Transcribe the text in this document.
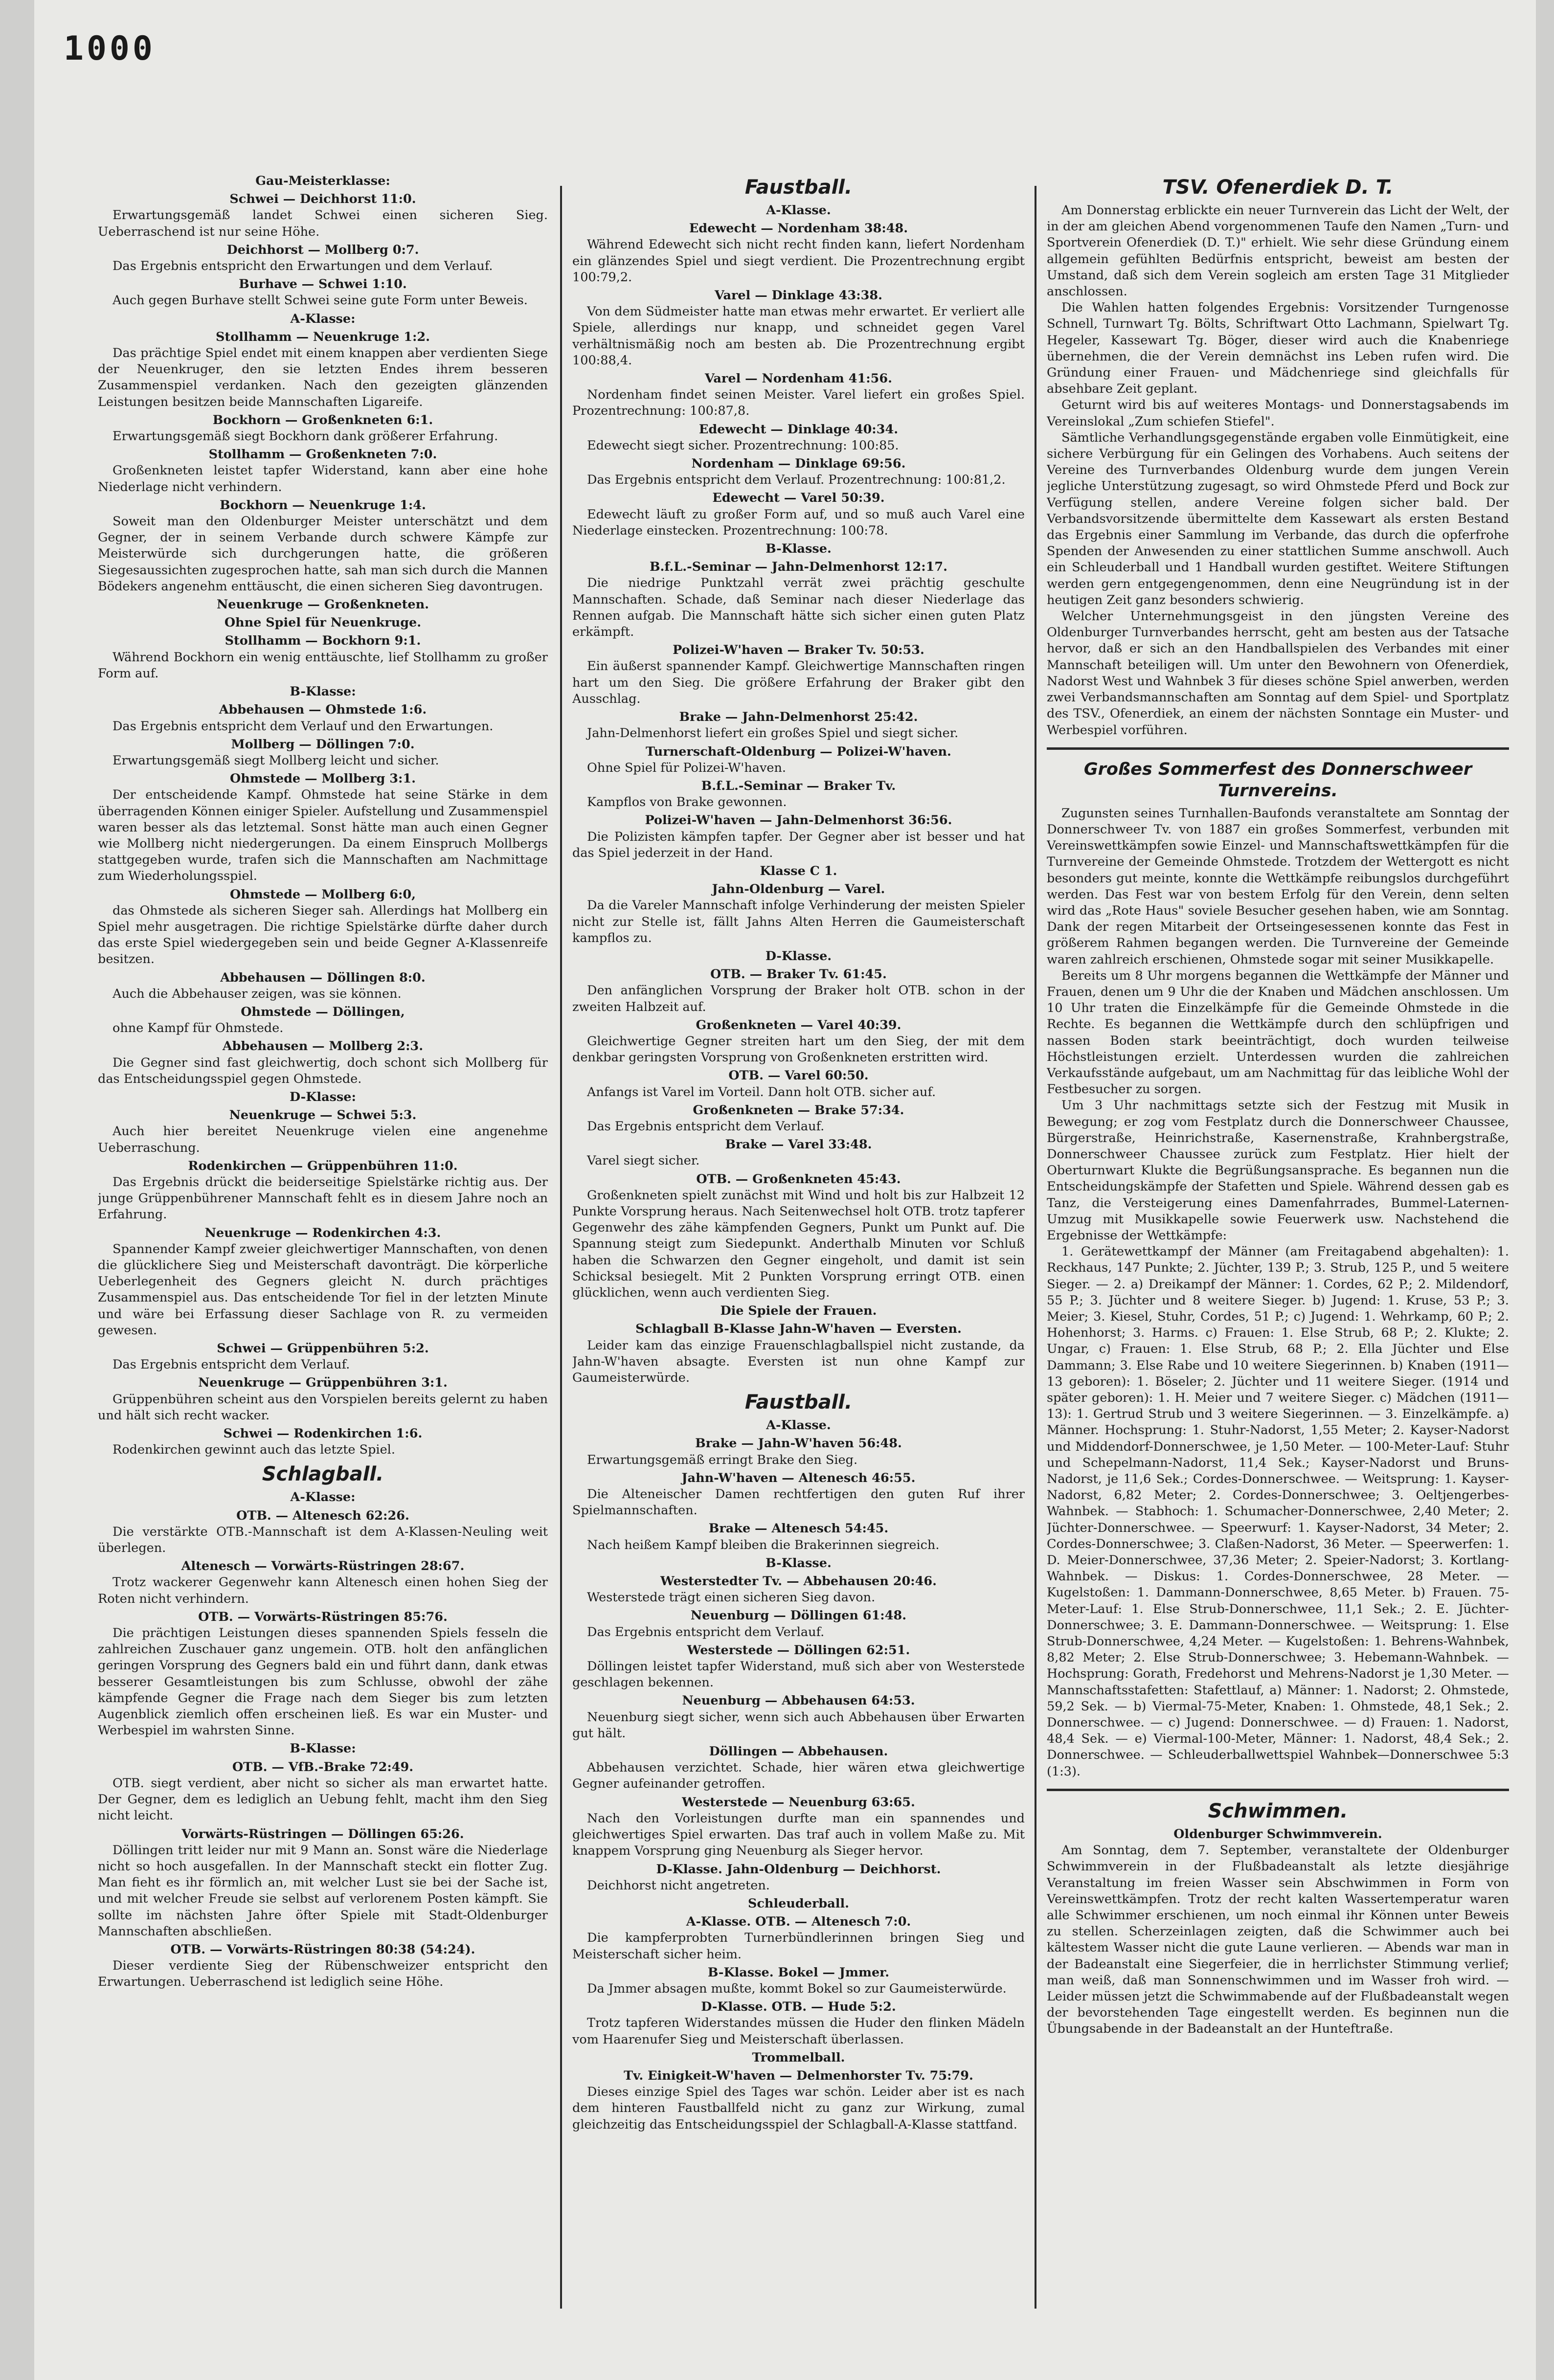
1000

Gau-Meisterklasse:

Schwei — Deichhorst 11:0.

Erwartungsgemäß landet Schwei einen sicheren Sieg. Ueberraschend ist nur seine Höhe.

Deichhorst — Mollberg 0:7.

Das Ergebnis entspricht den Erwartungen und dem Verlauf.

Burhave — Schwei 1:10.

Auch gegen Burhave stellt Schwei seine gute Form unter Beweis.

A-Klasse:

Stollhamm — Neuenkruge 1:2.

Das prächtige Spiel endet mit einem knappen aber verdienten Siege der Neuenkruger, den sie letzten Endes ihrem besseren Zusammenspiel verdanken. Nach den gezeigten glänzenden Leistungen besitzen beide Mannschaften Ligareife.

Bockhorn — Großenkneten 6:1.

Erwartungsgemäß siegt Bockhorn dank größerer Erfahrung.

Stollhamm — Großenkneten 7:0.

Großenkneten leistet tapfer Widerstand, kann aber eine hohe Niederlage nicht verhindern.

Bockhorn — Neuenkruge 1:4.

Soweit man den Oldenburger Meister unterschätzt und dem Gegner, der in seinem Verbande durch schwere Kämpfe zur Meisterwürde sich durchgerungen hatte, die größeren Siegesaussichten zugesprochen hatte, sah man sich durch die Mannen Bödekers angenehm enttäuscht, die einen sicheren Sieg davontrugen.

Neuenkruge — Großenkneten.

Ohne Spiel für Neuenkruge.

Stollhamm — Bockhorn 9:1.

Während Bockhorn ein wenig enttäuschte, lief Stollhamm zu großer Form auf.

B-Klasse:

Abbehausen — Ohmstede 1:6.

Das Ergebnis entspricht dem Verlauf und den Erwartungen.

Mollberg — Döllingen 7:0.

Erwartungsgemäß siegt Mollberg leicht und sicher.

Ohmstede — Mollberg 3:1.

Der entscheidende Kampf. Ohmstede hat seine Stärke in dem überragenden Können einiger Spieler. Aufstellung und Zusammenspiel waren besser als das letztemal. Sonst hätte man auch einen Gegner wie Mollberg nicht niedergerungen. Da einem Einspruch Mollbergs stattgegeben wurde, trafen sich die Mannschaften am Nachmittage zum Wiederholungsspiel.

Ohmstede — Mollberg 6:0,

das Ohmstede als sicheren Sieger sah. Allerdings hat Mollberg ein Spiel mehr ausgetragen. Die richtige Spielstärke dürfte daher durch das erste Spiel wiedergegeben sein und beide Gegner A-Klassenreife besitzen.

Abbehausen — Döllingen 8:0.

Auch die Abbehauser zeigen, was sie können.

Ohmstede — Döllingen,

ohne Kampf für Ohmstede.

Abbehausen — Mollberg 2:3.

Die Gegner sind fast gleichwertig, doch schont sich Mollberg für das Entscheidungsspiel gegen Ohmstede.

D-Klasse:

Neuenkruge — Schwei 5:3.

Auch hier bereitet Neuenkruge vielen eine angenehme Ueberraschung.

Rodenkirchen — Grüppenbühren 11:0.

Das Ergebnis drückt die beiderseitige Spielstärke richtig aus. Der junge Grüppenbührener Mannschaft fehlt es in diesem Jahre noch an Erfahrung.

Neuenkruge — Rodenkirchen 4:3.

Spannender Kampf zweier gleichwertiger Mannschaften, von denen die glücklichere Sieg und Meisterschaft davonträgt. Die körperliche Ueberlegenheit des Gegners gleicht N. durch prächtiges Zusammenspiel aus. Das entscheidende Tor fiel in der letzten Minute und wäre bei Erfassung dieser Sachlage von R. zu vermeiden gewesen.

Schwei — Grüppenbühren 5:2.

Das Ergebnis entspricht dem Verlauf.

Neuenkruge — Grüppenbühren 3:1.

Grüppenbühren scheint aus den Vorspielen bereits gelernt zu haben und hält sich recht wacker.

Schwei — Rodenkirchen 1:6.

Rodenkirchen gewinnt auch das letzte Spiel.

Schlagball.

A-Klasse:

OTB. — Altenesch 62:26.

Die verstärkte OTB.-Mannschaft ist dem A-Klassen-Neuling weit überlegen.

Altenesch — Vorwärts-Rüstringen 28:67.

Trotz wackerer Gegenwehr kann Altenesch einen hohen Sieg der Roten nicht verhindern.

OTB. — Vorwärts-Rüstringen 85:76.

Die prächtigen Leistungen dieses spannenden Spiels fesseln die zahlreichen Zuschauer ganz ungemein. OTB. holt den anfänglichen geringen Vorsprung des Gegners bald ein und führt dann, dank etwas besserer Gesamtleistungen bis zum Schlusse, obwohl der zähe kämpfende Gegner die Frage nach dem Sieger bis zum letzten Augenblick ziemlich offen erscheinen ließ. Es war ein Muster- und Werbespiel im wahrsten Sinne.

B-Klasse:

OTB. — VfB.-Brake 72:49.

OTB. siegt verdient, aber nicht so sicher als man erwartet hatte. Der Gegner, dem es lediglich an Uebung fehlt, macht ihm den Sieg nicht leicht.

Vorwärts-Rüstringen — Döllingen 65:26.

Döllingen tritt leider nur mit 9 Mann an. Sonst wäre die Niederlage nicht so hoch ausgefallen. In der Mannschaft steckt ein flotter Zug. Man fieht es ihr förmlich an, mit welcher Lust sie bei der Sache ist, und mit welcher Freude sie selbst auf verlorenem Posten kämpft. Sie sollte im nächsten Jahre öfter Spiele mit Stadt-Oldenburger Mannschaften abschließen.

OTB. — Vorwärts-Rüstringen 80:38 (54:24).

Dieser verdiente Sieg der Rübenschweizer entspricht den Erwartungen. Ueberraschend ist lediglich seine Höhe.

Faustball.

A-Klasse.

Edewecht — Nordenham 38:48.

Während Edewecht sich nicht recht finden kann, liefert Nordenham ein glänzendes Spiel und siegt verdient. Die Prozentrechnung ergibt 100:79,2.

Varel — Dinklage 43:38.

Von dem Südmeister hatte man etwas mehr erwartet. Er verliert alle Spiele, allerdings nur knapp, und schneidet gegen Varel verhältnismäßig noch am besten ab. Die Prozentrechnung ergibt 100:88,4.

Varel — Nordenham 41:56.

Nordenham findet seinen Meister. Varel liefert ein großes Spiel. Prozentrechnung: 100:87,8.

Edewecht — Dinklage 40:34.

Edewecht siegt sicher. Prozentrechnung: 100:85.

Nordenham — Dinklage 69:56.

Das Ergebnis entspricht dem Verlauf. Prozentrechnung: 100:81,2.

Edewecht — Varel 50:39.

Edewecht läuft zu großer Form auf, und so muß auch Varel eine Niederlage einstecken. Prozentrechnung: 100:78.

B-Klasse.

B.f.L.-Seminar — Jahn-Delmenhorst 12:17.

Die niedrige Punktzahl verrät zwei prächtig geschulte Mannschaften. Schade, daß Seminar nach dieser Niederlage das Rennen aufgab. Die Mannschaft hätte sich sicher einen guten Platz erkämpft.

Polizei-W'haven — Braker Tv. 50:53.

Ein äußerst spannender Kampf. Gleichwertige Mannschaften ringen hart um den Sieg. Die größere Erfahrung der Braker gibt den Ausschlag.

Brake — Jahn-Delmenhorst 25:42.

Jahn-Delmenhorst liefert ein großes Spiel und siegt sicher.

Turnerschaft-Oldenburg — Polizei-W'haven.

Ohne Spiel für Polizei-W'haven.

B.f.L.-Seminar — Braker Tv.

Kampflos von Brake gewonnen.

Polizei-W'haven — Jahn-Delmenhorst 36:56.

Die Polizisten kämpfen tapfer. Der Gegner aber ist besser und hat das Spiel jederzeit in der Hand.

Klasse C 1.

Jahn-Oldenburg — Varel.

Da die Vareler Mannschaft infolge Verhinderung der meisten Spieler nicht zur Stelle ist, fällt Jahns Alten Herren die Gaumeisterschaft kampflos zu.

D-Klasse.

OTB. — Braker Tv. 61:45.

Den anfänglichen Vorsprung der Braker holt OTB. schon in der zweiten Halbzeit auf.

Großenkneten — Varel 40:39.

Gleichwertige Gegner streiten hart um den Sieg, der mit dem denkbar geringsten Vorsprung von Großenkneten erstritten wird.

OTB. — Varel 60:50.

Anfangs ist Varel im Vorteil. Dann holt OTB. sicher auf.

Großenkneten — Brake 57:34.

Das Ergebnis entspricht dem Verlauf.

Brake — Varel 33:48.

Varel siegt sicher.

OTB. — Großenkneten 45:43.

Großenkneten spielt zunächst mit Wind und holt bis zur Halbzeit 12 Punkte Vorsprung heraus. Nach Seitenwechsel holt OTB. trotz tapferer Gegenwehr des zähe kämpfenden Gegners, Punkt um Punkt auf. Die Spannung steigt zum Siedepunkt. Anderthalb Minuten vor Schluß haben die Schwarzen den Gegner eingeholt, und damit ist sein Schicksal besiegelt. Mit 2 Punkten Vorsprung erringt OTB. einen glücklichen, wenn auch verdienten Sieg.

Die Spiele der Frauen.

Schlagball B-Klasse Jahn-W'haven — Eversten.

Leider kam das einzige Frauenschlagballspiel nicht zustande, da Jahn-W'haven absagte. Eversten ist nun ohne Kampf zur Gaumeisterwürde.

Faustball.

A-Klasse.

Brake — Jahn-W'haven 56:48.

Erwartungsgemäß erringt Brake den Sieg.

Jahn-W'haven — Altenesch 46:55.

Die Alteneischer Damen rechtfertigen den guten Ruf ihrer Spielmannschaften.

Brake — Altenesch 54:45.

Nach heißem Kampf bleiben die Brakerinnen siegreich.

B-Klasse.

Westerstedter Tv. — Abbehausen 20:46.

Westerstede trägt einen sicheren Sieg davon.

Neuenburg — Döllingen 61:48.

Das Ergebnis entspricht dem Verlauf.

Westerstede — Döllingen 62:51.

Döllingen leistet tapfer Widerstand, muß sich aber von Westerstede geschlagen bekennen.

Neuenburg — Abbehausen 64:53.

Neuenburg siegt sicher, wenn sich auch Abbehausen über Erwarten gut hält.

Döllingen — Abbehausen.

Abbehausen verzichtet. Schade, hier wären etwa gleichwertige Gegner aufeinander getroffen.

Westerstede — Neuenburg 63:65.

Nach den Vorleistungen durfte man ein spannendes und gleichwertiges Spiel erwarten. Das traf auch in vollem Maße zu. Mit knappem Vorsprung ging Neuenburg als Sieger hervor.

D-Klasse. Jahn-Oldenburg — Deichhorst.

Deichhorst nicht angetreten.

Schleuderball.

A-Klasse. OTB. — Altenesch 7:0.

Die kampferprobten Turnerbündlerinnen bringen Sieg und Meisterschaft sicher heim.

B-Klasse. Bokel — Jmmer.

Da Jmmer absagen mußte, kommt Bokel so zur Gaumeisterwürde.

D-Klasse. OTB. — Hude 5:2.

Trotz tapferen Widerstandes müssen die Huder den flinken Mädeln vom Haarenufer Sieg und Meisterschaft überlassen.

Trommelball.

Tv. Einigkeit-W'haven — Delmenhorster Tv. 75:79.

Dieses einzige Spiel des Tages war schön. Leider aber ist es nach dem hinteren Faustballfeld nicht zu ganz zur Wirkung, zumal gleichzeitig das Entscheidungsspiel der Schlagball-A-Klasse stattfand.

TSV. Ofenerdiek D. T.

Am Donnerstag erblickte ein neuer Turnverein das Licht der Welt, der in der am gleichen Abend vorgenommenen Taufe den Namen „Turn- und Sportverein Ofenerdiek (D. T.)" erhielt. Wie sehr diese Gründung einem allgemein gefühlten Bedürfnis entspricht, beweist am besten der Umstand, daß sich dem Verein sogleich am ersten Tage 31 Mitglieder anschlossen.

Die Wahlen hatten folgendes Ergebnis: Vorsitzender Turngenosse Schnell, Turnwart Tg. Bölts, Schriftwart Otto Lachmann, Spielwart Tg. Hegeler, Kassewart Tg. Böger, dieser wird auch die Knabenriege übernehmen, die der Verein demnächst ins Leben rufen wird. Die Gründung einer Frauen- und Mädchenriege sind gleichfalls für absehbare Zeit geplant.

Geturnt wird bis auf weiteres Montags- und Donnerstagsabends im Vereinslokal „Zum schiefen Stiefel".

Sämtliche Verhandlungsgegenstände ergaben volle Einmütigkeit, eine sichere Verbürgung für ein Gelingen des Vorhabens. Auch seitens der Vereine des Turnverbandes Oldenburg wurde dem jungen Verein jegliche Unterstützung zugesagt, so wird Ohmstede Pferd und Bock zur Verfügung stellen, andere Vereine folgen sicher bald. Der Verbandsvorsitzende übermittelte dem Kassewart als ersten Bestand das Ergebnis einer Sammlung im Verbande, das durch die opferfrohe Spenden der Anwesenden zu einer stattlichen Summe anschwoll. Auch ein Schleuderball und 1 Handball wurden gestiftet. Weitere Stiftungen werden gern entgegengenommen, denn eine Neugründung ist in der heutigen Zeit ganz besonders schwierig.

Welcher Unternehmungsgeist in den jüngsten Vereine des Oldenburger Turnverbandes herrscht, geht am besten aus der Tatsache hervor, daß er sich an den Handballspielen des Verbandes mit einer Mannschaft beteiligen will. Um unter den Bewohnern von Ofenerdiek, Nadorst West und Wahnbek 3 für dieses schöne Spiel anwerben, werden zwei Verbandsmannschaften am Sonntag auf dem Spiel- und Sportplatz des TSV., Ofenerdiek, an einem der nächsten Sonntage ein Muster- und Werbespiel vorführen.

Großes Sommerfest des Donnerschweer Turnvereins.

Zugunsten seines Turnhallen-Baufonds veranstaltete am Sonntag der Donnerschweer Tv. von 1887 ein großes Sommerfest, verbunden mit Vereinswettkämpfen sowie Einzel- und Mannschaftswettkämpfen für die Turnvereine der Gemeinde Ohmstede. Trotzdem der Wettergott es nicht besonders gut meinte, konnte die Wettkämpfe reibungslos durchgeführt werden. Das Fest war von bestem Erfolg für den Verein, denn selten wird das „Rote Haus" soviele Besucher gesehen haben, wie am Sonntag. Dank der regen Mitarbeit der Ortseingesessenen konnte das Fest in größerem Rahmen begangen werden. Die Turnvereine der Gemeinde waren zahlreich erschienen, Ohmstede sogar mit seiner Musikkapelle.

Bereits um 8 Uhr morgens begannen die Wettkämpfe der Männer und Frauen, denen um 9 Uhr die der Knaben und Mädchen anschlossen. Um 10 Uhr traten die Einzelkämpfe für die Gemeinde Ohmstede in die Rechte. Es begannen die Wettkämpfe durch den schlüpfrigen und nassen Boden stark beeinträchtigt, doch wurden teilweise Höchstleistungen erzielt. Unterdessen wurden die zahlreichen Verkaufsstände aufgebaut, um am Nachmittag für das leibliche Wohl der Festbesucher zu sorgen.

Um 3 Uhr nachmittags setzte sich der Festzug mit Musik in Bewegung; er zog vom Festplatz durch die Donnerschweer Chaussee, Bürgerstraße, Heinrichstraße, Kasernenstraße, Krahnbergstraße, Donnerschweer Chaussee zurück zum Festplatz. Hier hielt der Oberturnwart Klukte die Begrüßungsansprache. Es begannen nun die Entscheidungskämpfe der Stafetten und Spiele. Während dessen gab es Tanz, die Versteigerung eines Damenfahrrades, Bummel-Laternen-Umzug mit Musikkapelle sowie Feuerwerk usw. Nachstehend die Ergebnisse der Wettkämpfe:

1. Gerätewettkampf der Männer (am Freitagabend abgehalten): 1. Reckhaus, 147 Punkte; 2. Jüchter, 139 P.; 3. Strub, 125 P., und 5 weitere Sieger. — 2. a) Dreikampf der Männer: 1. Cordes, 62 P.; 2. Mildendorf, 55 P.; 3. Jüchter und 8 weitere Sieger. b) Jugend: 1. Kruse, 53 P.; 3. Meier; 3. Kiesel, Stuhr, Cordes, 51 P.; c) Jugend: 1. Wehrkamp, 60 P.; 2. Hohenhorst; 3. Harms. c) Frauen: 1. Else Strub, 68 P.; 2. Klukte; 2. Ungar, c) Frauen: 1. Else Strub, 68 P.; 2. Ella Jüchter und Else Dammann; 3. Else Rabe und 10 weitere Siegerinnen. b) Knaben (1911—13 geboren): 1. Böseler; 2. Jüchter und 11 weitere Sieger. (1914 und später geboren): 1. H. Meier und 7 weitere Sieger. c) Mädchen (1911—13): 1. Gertrud Strub und 3 weitere Siegerinnen. — 3. Einzelkämpfe. a) Männer. Hochsprung: 1. Stuhr-Nadorst, 1,55 Meter; 2. Kayser-Nadorst und Middendorf-Donnerschwee, je 1,50 Meter. — 100-Meter-Lauf: Stuhr und Schepelmann-Nadorst, 11,4 Sek.; Kayser-Nadorst und Bruns-Nadorst, je 11,6 Sek.; Cordes-Donnerschwee. — Weitsprung: 1. Kayser-Nadorst, 6,82 Meter; 2. Cordes-Donnerschwee; 3. Oeltjengerbes-Wahnbek. — Stabhoch: 1. Schumacher-Donnerschwee, 2,40 Meter; 2. Jüchter-Donnerschwee. — Speerwurf: 1. Kayser-Nadorst, 34 Meter; 2. Cordes-Donnerschwee; 3. Claßen-Nadorst, 36 Meter. — Speerwerfen: 1. D. Meier-Donnerschwee, 37,36 Meter; 2. Speier-Nadorst; 3. Kortlang-Wahnbek. — Diskus: 1. Cordes-Donnerschwee, 28 Meter. — Kugelstoßen: 1. Dammann-Donnerschwee, 8,65 Meter. b) Frauen. 75-Meter-Lauf: 1. Else Strub-Donnerschwee, 11,1 Sek.; 2. E. Jüchter-Donnerschwee; 3. E. Dammann-Donnerschwee. — Weitsprung: 1. Else Strub-Donnerschwee, 4,24 Meter. — Kugelstoßen: 1. Behrens-Wahnbek, 8,82 Meter; 2. Else Strub-Donnerschwee; 3. Hebemann-Wahnbek. — Hochsprung: Gorath, Fredehorst und Mehrens-Nadorst je 1,30 Meter. — Mannschaftsstafetten: Stafettlauf, a) Männer: 1. Nadorst; 2. Ohmstede, 59,2 Sek. — b) Viermal-75-Meter, Knaben: 1. Ohmstede, 48,1 Sek.; 2. Donnerschwee. — c) Jugend: Donnerschwee. — d) Frauen: 1. Nadorst, 48,4 Sek. — e) Viermal-100-Meter, Männer: 1. Nadorst, 48,4 Sek.; 2. Donnerschwee. — Schleuderballwettspiel Wahnbek—Donnerschwee 5:3 (1:3).

Schwimmen.

Oldenburger Schwimmverein.

Am Sonntag, dem 7. September, veranstaltete der Oldenburger Schwimmverein in der Flußbadeanstalt als letzte diesjährige Veranstaltung im freien Wasser sein Abschwimmen in Form von Vereinswettkämpfen. Trotz der recht kalten Wassertemperatur waren alle Schwimmer erschienen, um noch einmal ihr Können unter Beweis zu stellen. Scherzeinlagen zeigten, daß die Schwimmer auch bei kältestem Wasser nicht die gute Laune verlieren. — Abends war man in der Badeanstalt eine Siegerfeier, die in herrlichster Stimmung verlief; man weiß, daß man Sonnenschwimmen und im Wasser froh wird. — Leider müssen jetzt die Schwimmabende auf der Flußbadeanstalt wegen der bevorstehenden Tage eingestellt werden. Es beginnen nun die Übungsabende in der Badeanstalt an der Hunteftraße.
